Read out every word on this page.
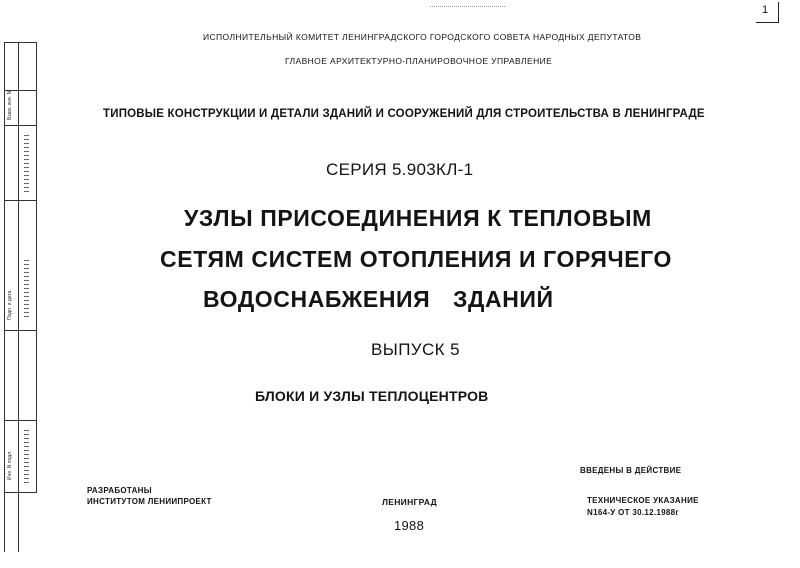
1
Взам. инв. N
Подп. и дата
Инв. N подл.
ИСПОЛНИТЕЛЬНЫЙ КОМИТЕТ ЛЕНИНГРАДСКОГО ГОРОДСКОГО СОВЕТА НАРОДНЫХ ДЕПУТАТОВ
ГЛАВНОЕ АРХИТЕКТУРНО-ПЛАНИРОВОЧНОЕ УПРАВЛЕНИЕ
ТИПОВЫЕ КОНСТРУКЦИИ И ДЕТАЛИ ЗДАНИЙ И СООРУЖЕНИЙ ДЛЯ СТРОИТЕЛЬСТВА В ЛЕНИНГРАДЕ
СЕРИЯ 5.903КЛ-1
УЗЛЫ ПРИСОЕДИНЕНИЯ К ТЕПЛОВЫМ
СЕТЯМ СИСТЕМ ОТОПЛЕНИЯ И ГОРЯЧЕГО
ВОДОСНАБЖЕНИЯ ЗДАНИЙ
ВЫПУСК 5
БЛОКИ И УЗЛЫ ТЕПЛОЦЕНТРОВ
РАЗРАБОТАНЫ
ИНСТИТУТОМ ЛЕНИИПРОЕКТ	ЛЕНИНГРАД
1988
ВВЕДЕНЫ В ДЕЙСТВИЕ
ТЕХНИЧЕСКОЕ УКАЗАНИЕ
N164-У ОТ 30.12.1988г
